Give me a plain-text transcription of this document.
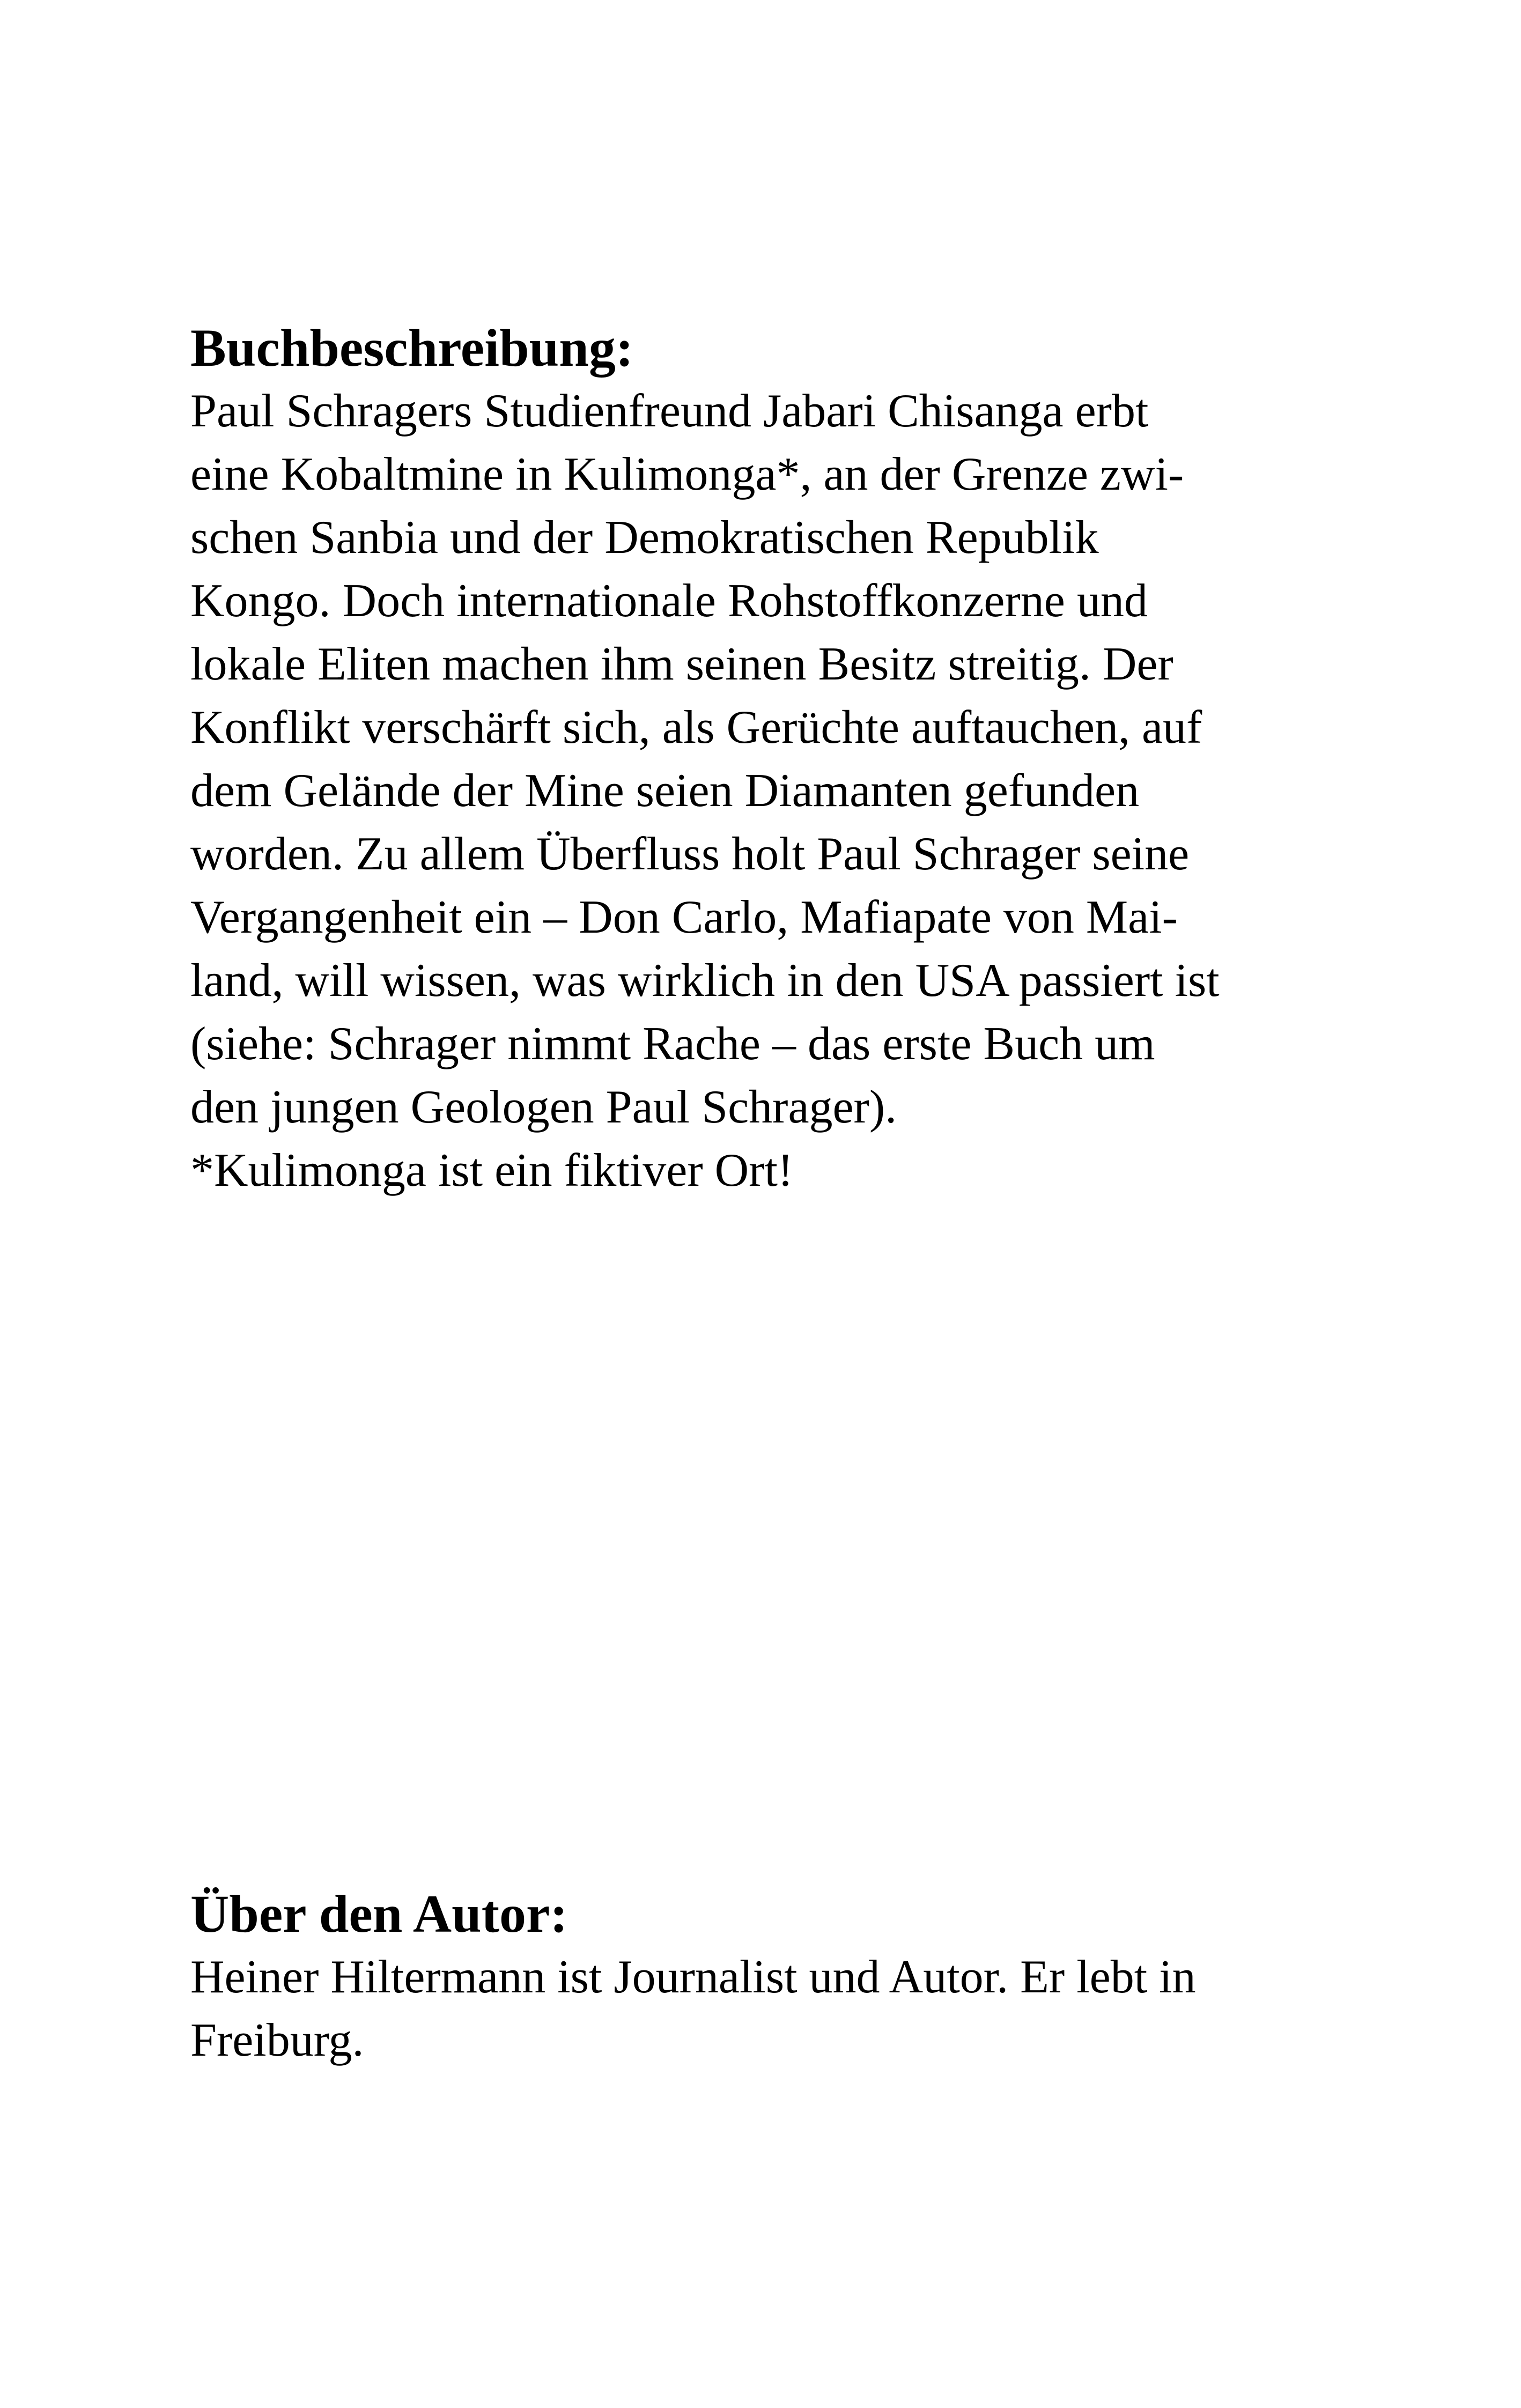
Buchbeschreibung:

Paul Schragers Studienfreund Jabari Chisanga erbt

eine Kobaltmine in Kulimonga*, an der Grenze zwi-

schen Sanbia und der Demokratischen Republik

Kongo. Doch internationale Rohstoffkonzerne und

lokale Eliten machen ihm seinen Besitz streitig. Der

Konflikt verschärft sich, als Gerüchte auftauchen, auf

dem Gelände der Mine seien Diamanten gefunden

worden. Zu allem Überfluss holt Paul Schrager seine

Vergangenheit ein – Don Carlo, Mafiapate von Mai-

land, will wissen, was wirklich in den USA passiert ist

(siehe: Schrager nimmt Rache – das erste Buch um

den jungen Geologen Paul Schrager).

*Kulimonga ist ein fiktiver Ort!

Über den Autor:

Heiner Hiltermann ist Journalist und Autor. Er lebt in

Freiburg.
